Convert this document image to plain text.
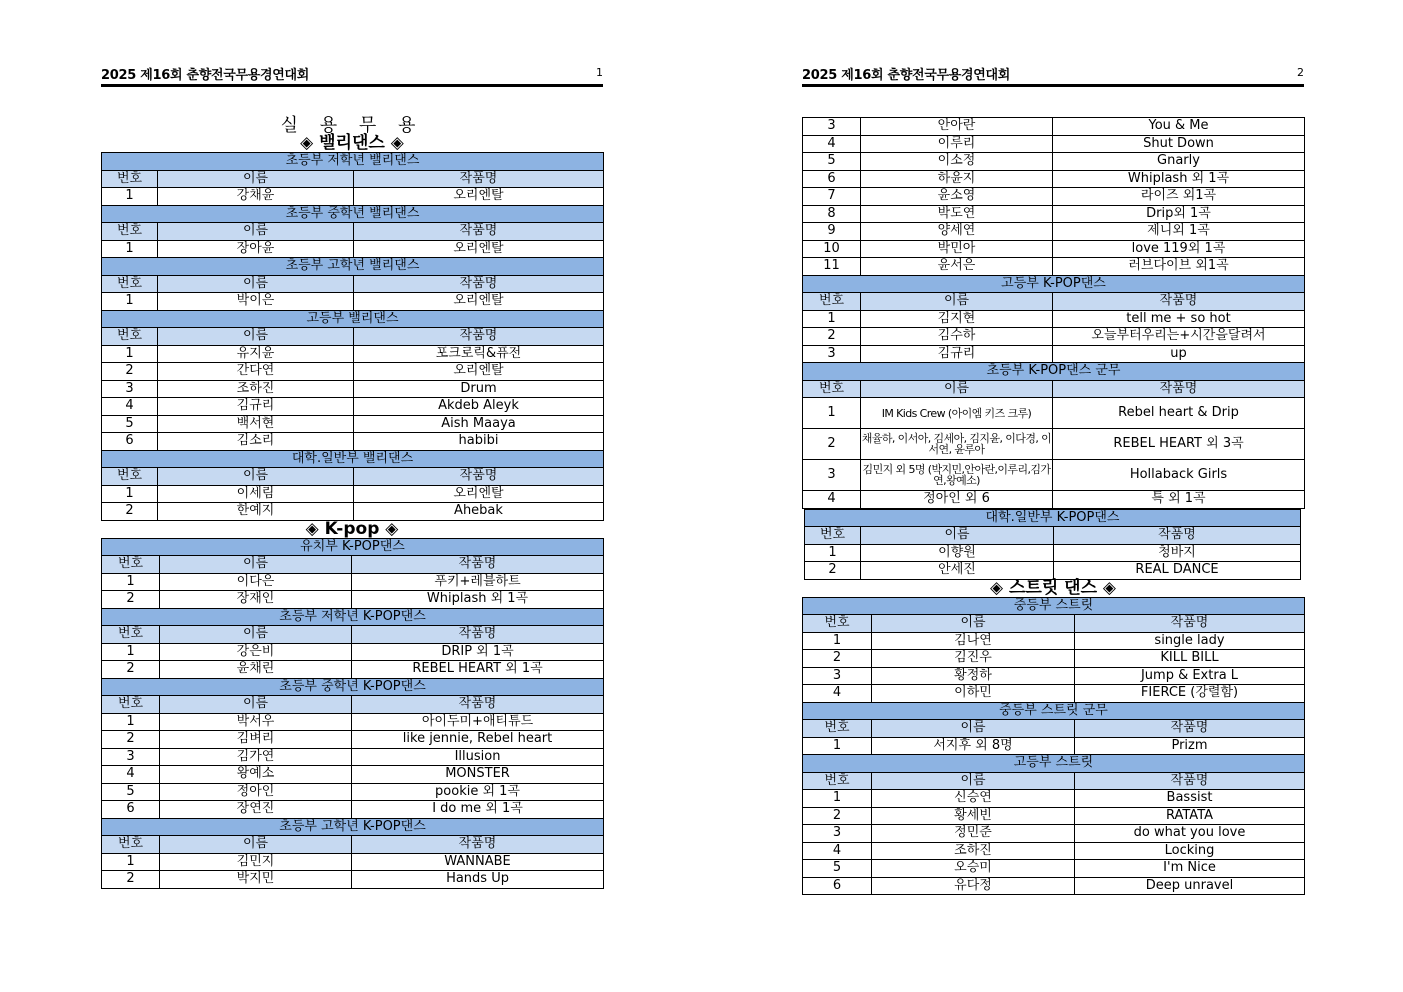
2025 제16회 춘향전국무용경연대회	1
실 용 무 용
◈ 밸리댄스 ◈
초등부 저학년 밸리댄스		
번호	이름	작품명
1	강채윤	오리엔탈
초등부 중학년 밸리댄스		
번호	이름	작품명
1	장아윤	오리엔탈
초등부 고학년 밸리댄스		
번호	이름	작품명
1	박이은	오리엔탈
고등부 밸리댄스		
번호	이름	작품명
1	유지윤	포크로릭&퓨전
2	간다연	오리엔탈
3	조하진	Drum
4	김규리	Akdeb Aleyk
5	백서현	Aish Maaya
6	김소리	habibi
대학.일반부 밸리댄스		
번호	이름	작품명
1	이세림	오리엔탈
2	한예지	Ahebak
◈ K-pop ◈
유치부 K-POP댄스		
번호	이름	작품명
1	이다은	푸키+레블하트
2	장재인	Whiplash 외 1곡
초등부 저학년 K-POP댄스		
번호	이름	작품명
1	강은비	DRIP 외 1곡
2	윤채린	REBEL HEART 외 1곡
초등부 중학년 K-POP댄스		
번호	이름	작품명
1	박서우	아이두미+애티튜드
2	김벼리	like jennie, Rebel heart
3	김가연	Illusion
4	왕예소	MONSTER
5	정아인	pookie 외 1곡
6	장연진	I do me 외 1곡
초등부 고학년 K-POP댄스		
번호	이름	작품명
1	김민지	WANNABE
2	박지민	Hands Up
2025 제16회 춘향전국무용경연대회	2
3	안아란	You & Me
4	이루리	Shut Down
5	이소정	Gnarly
6	하윤지	Whiplash 외 1곡
7	윤소영	라이즈 외1곡
8	박도연	Drip외 1곡
9	양세연	제니외 1곡
10	박민아	love 119외 1곡
11	윤서은	러브다이브 외1곡
고등부 K-POP댄스		
번호	이름	작품명
1	김지현	tell me + so hot
2	김수하	오늘부터우리는+시간을달려서
3	김규리	up
초등부 K-POP댄스 군무		
번호	이름	작품명
1	IM Kids Crew (아이엠 키즈 크루)	Rebel heart & Drip
2	채율하, 이서아, 김세아, 김지윤, 이다경, 이서연, 윤루아	REBEL HEART 외 3곡
3	김민지 외 5명 (박지민,안아란,이루리,김가연,왕예소)	Hollaback Girls
4	정아인 외 6	특 외 1곡
대학.일반부 K-POP댄스		
번호	이름	작품명
1	이향원	청바지
2	안세진	REAL DANCE
◈ 스트릿 댄스 ◈
중등부 스트릿		
번호	이름	작품명
1	김나연	single lady
2	김진우	KILL BILL
3	황정하	Jump & Extra L
4	이하민	FIERCE (강렬함)
중등부 스트릿 군무		
번호	이름	작품명
1	서지후 외 8명	Prizm
고등부 스트릿		
번호	이름	작품명
1	신승연	Bassist
2	황세빈	RATATA
3	정민준	do what you love
4	조하진	Locking
5	오승미	I'm Nice
6	유다정	Deep unravel
